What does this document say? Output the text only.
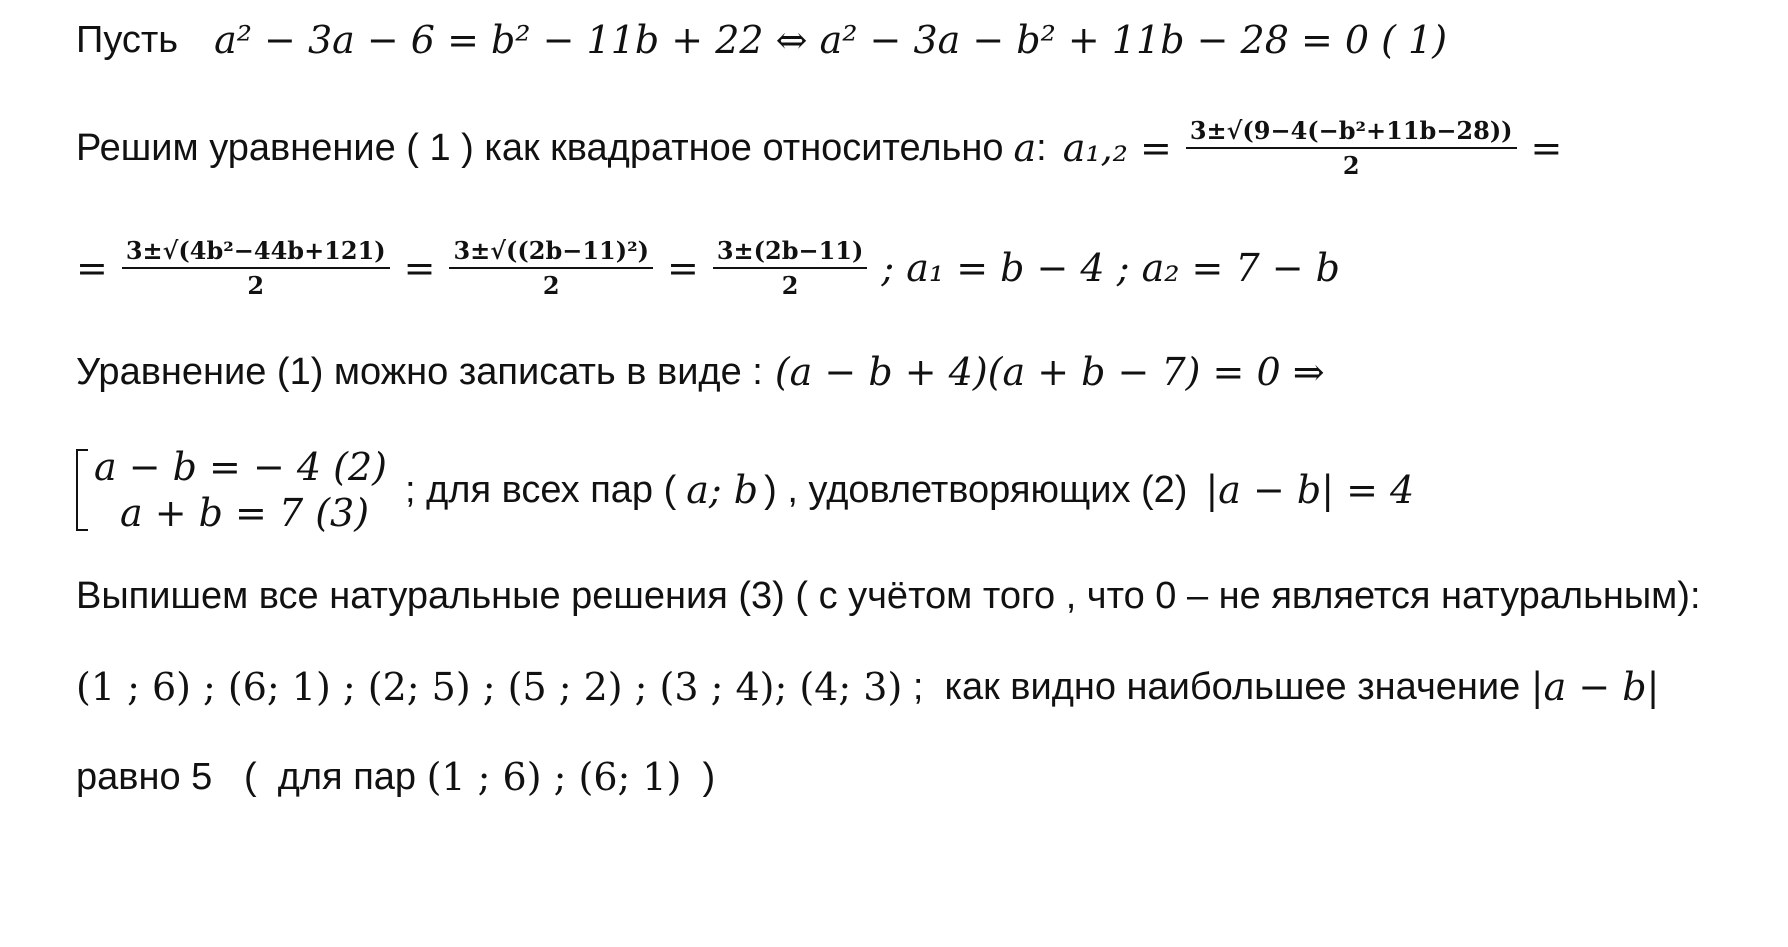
Пусть a² − 3a − 6 = b² − 11b + 22 ⇔ a² − 3a − b² + 11b − 28 = 0 ( 1)
Решим уравнение ( 1 ) как квадратное относительно a : $a_1,_2 = \frac{\text{3±√(9−4(−b²+11b−28))}}{2}$ =
= $\frac{\text{3±√(4b²−44b+121)}}{2} = \frac{\text{3±√((2b−11)²)}}{2} = \frac{3\pm(2b-11)}{2}$ ; a₁ = b − 4 ; a₂ = 7 − b
Уравнение (1) можно записать в виде : (a − b + 4)(a + b − 7) = 0 ⇒
a − b = − 4 (2)
a + b = 7 (3)
; для всех пар ( a; b ) , удовлетворяющих (2) |a − b| = 4
Выпишем все натуральные решения (3) ( с учётом того , что 0 – не является натуральным):
(1 ; 6) ; (6; 1) ; (2; 5) ; (5 ; 2) ; (3 ; 4); (4; 3) ;  как видно наибольшее значение |a − b|
равно 5   (  для пар (1 ; 6) ; (6; 1) )
